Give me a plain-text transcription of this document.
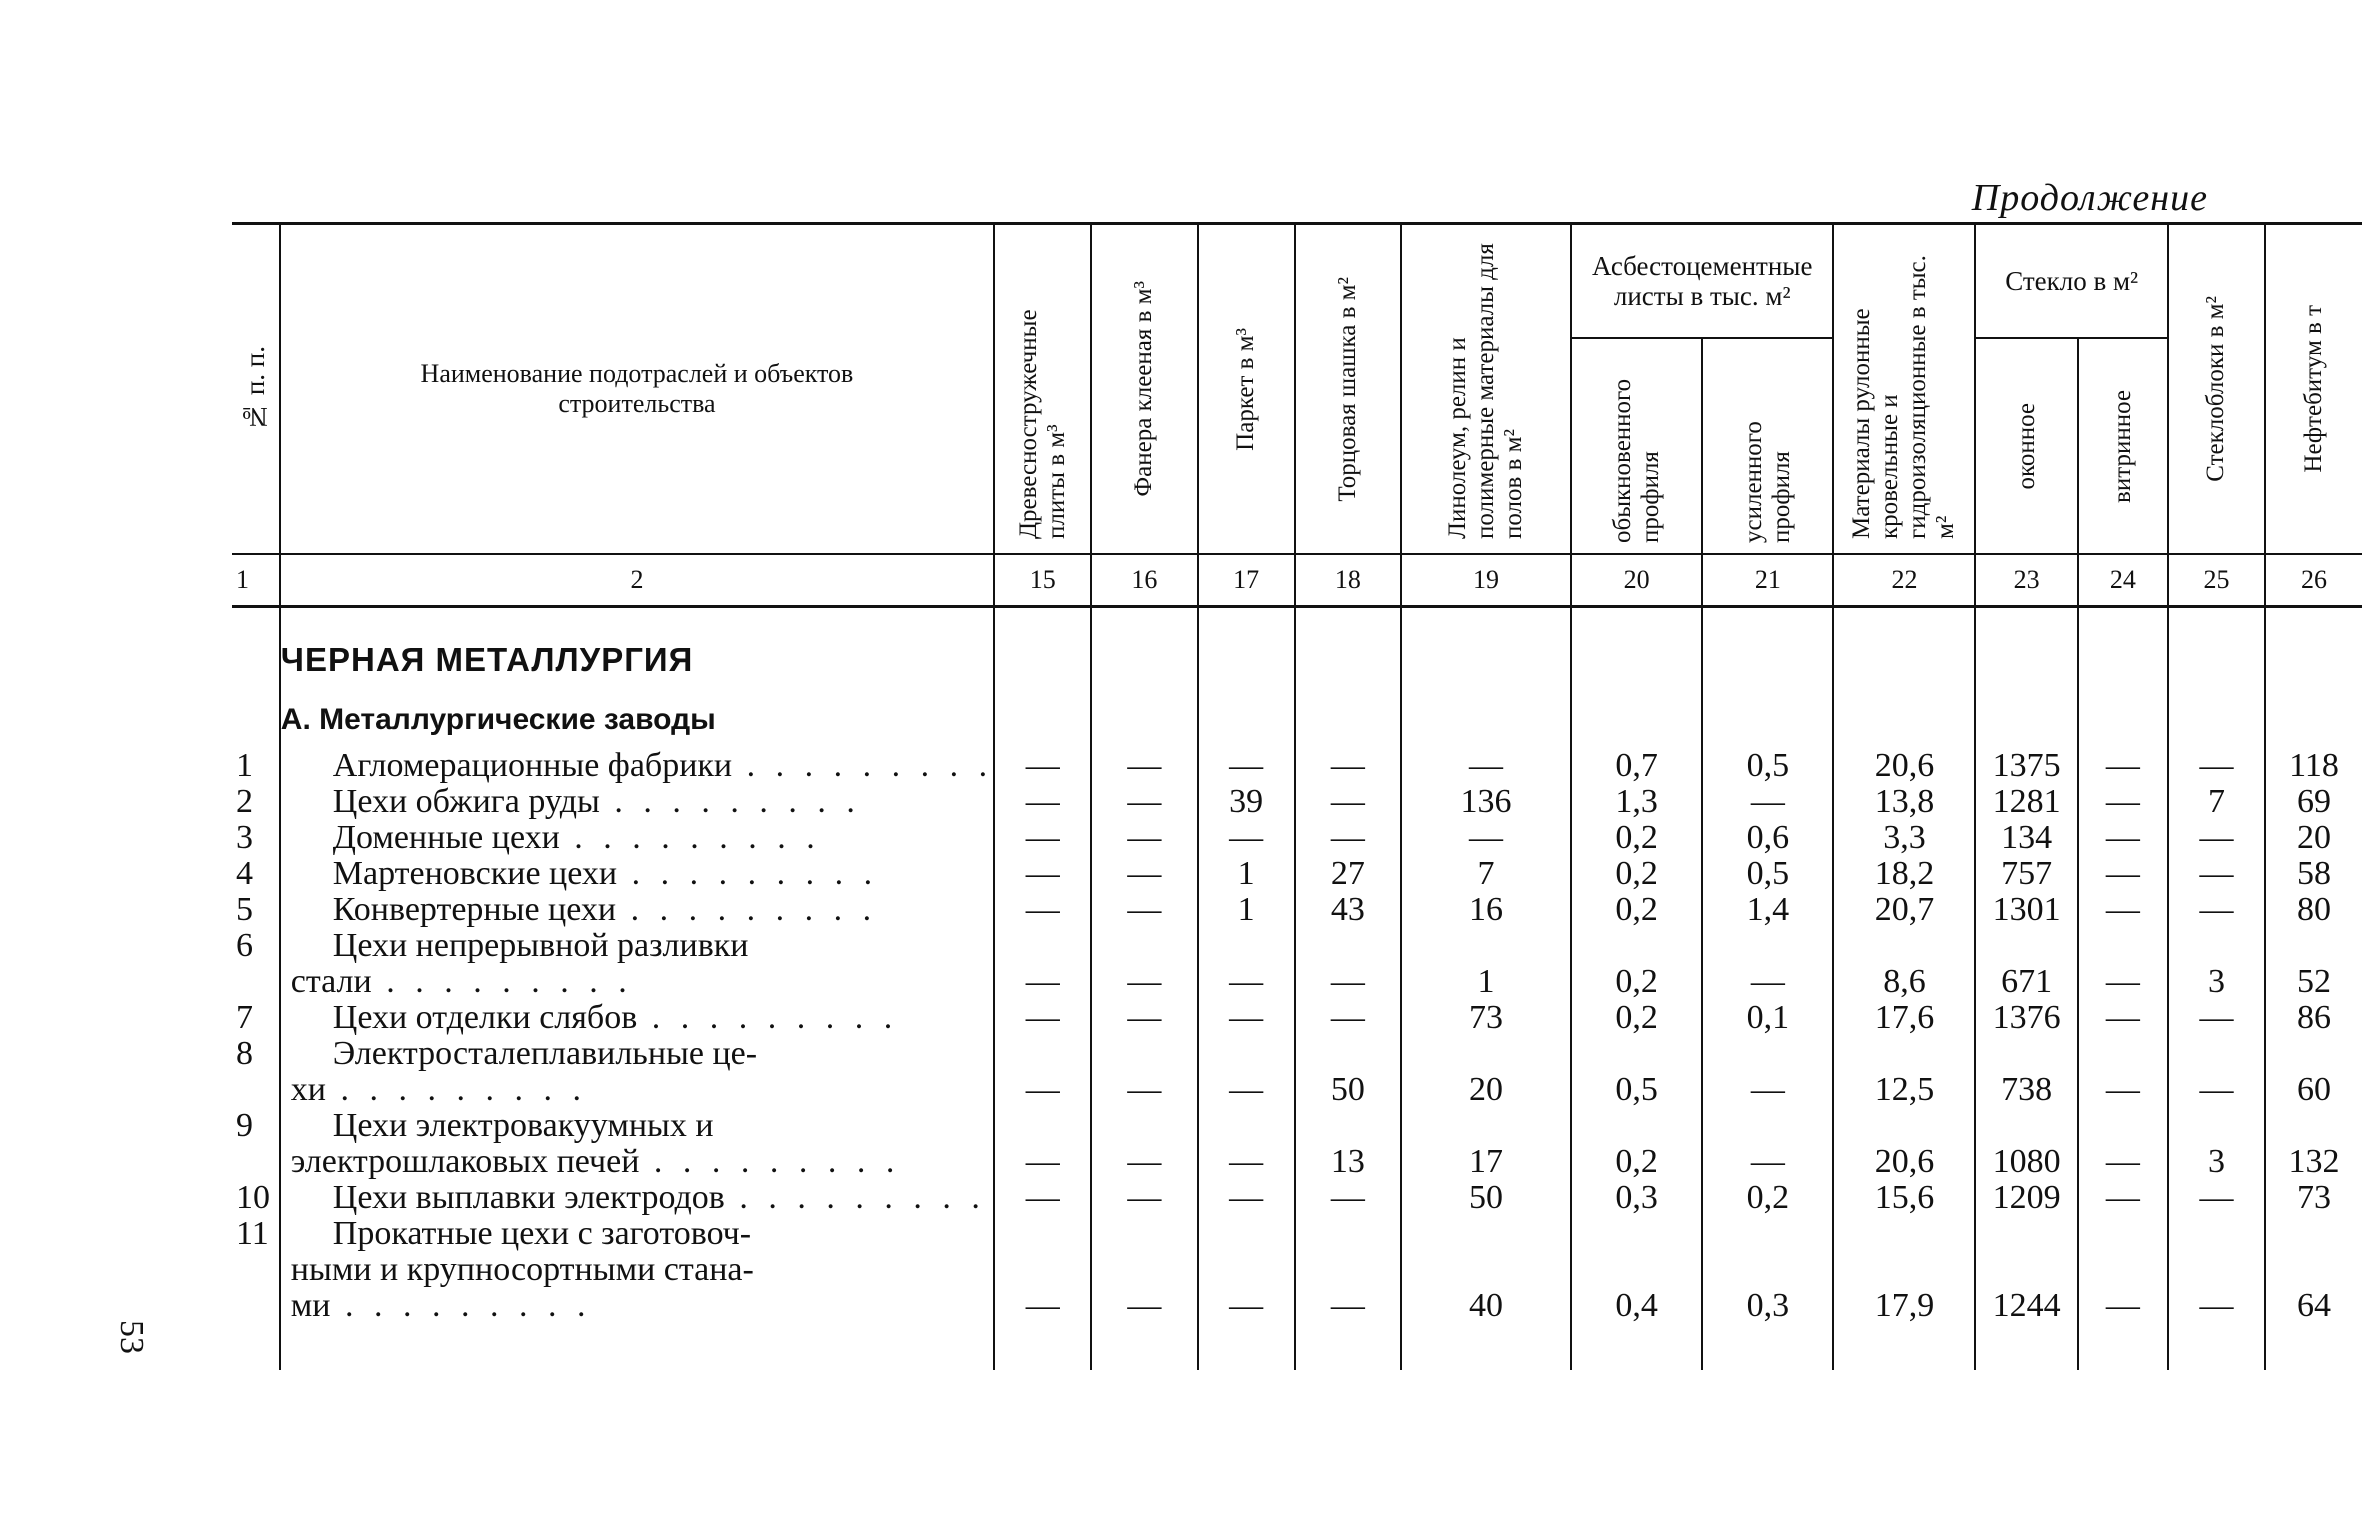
Продолжение
53
№ п. п.	Наименование подотраслей и объектов строительства	Древесностружечные плиты в м³	Фанера клееная в м³	Паркет в м³	Торцовая шашка в м²	Линолеум, релин и полимерные материалы для полов в м²	Асбестоцементные листы в тыс. м²		Материалы рулонные кровельные и гидроизоляционные в тыс. м²	Стекло в м²		Стеклоблоки в м²	Нефтебитум в т

							обыкновенного профиля	усиленного профиля		оконное	витринное		

1	2	15	16	17	18	19	20	21	22	23	24	25	26

	ЧЕРНАЯ МЕТАЛЛУРГИЯ												
	А. Металлургические заводы												
1	Агломерационные фабрики . . . . . . . . .	—	—	—	—	—	0,7	0,5	20,6	1375	—	—	118
2	Цехи обжига руды . . . . . . . . .	—	—	39	—	136	1,3	—	13,8	1281	—	7	69
3	Доменные цехи . . . . . . . . .	—	—	—	—	—	0,2	0,6	3,3	134	—	—	20
4	Мартеновские цехи . . . . . . . . .	—	—	1	27	7	0,2	0,5	18,2	757	—	—	58
5	Конвертерные цехи . . . . . . . . .	—	—	1	43	16	0,2	1,4	20,7	1301	—	—	80
6	Цехи непрерывной разливки												
	стали . . . . . . . . .	—	—	—	—	1	0,2	—	8,6	671	—	3	52
7	Цехи отделки слябов . . . . . . . . .	—	—	—	—	73	0,2	0,1	17,6	1376	—	—	86
8	Электросталеплавильные це-												
	хи . . . . . . . . .	—	—	—	50	20	0,5	—	12,5	738	—	—	60
9	Цехи электровакуумных и												
	электрошлаковых печей . . . . . . . . .	—	—	—	13	17	0,2	—	20,6	1080	—	3	132
10	Цехи выплавки электродов . . . . . . . . .	—	—	—	—	50	0,3	0,2	15,6	1209	—	—	73
11	Прокатные цехи с заготовоч-												
	ными и крупносортными стана-												
	ми . . . . . . . . .	—	—	—	—	40	0,4	0,3	17,9	1244	—	—	64
